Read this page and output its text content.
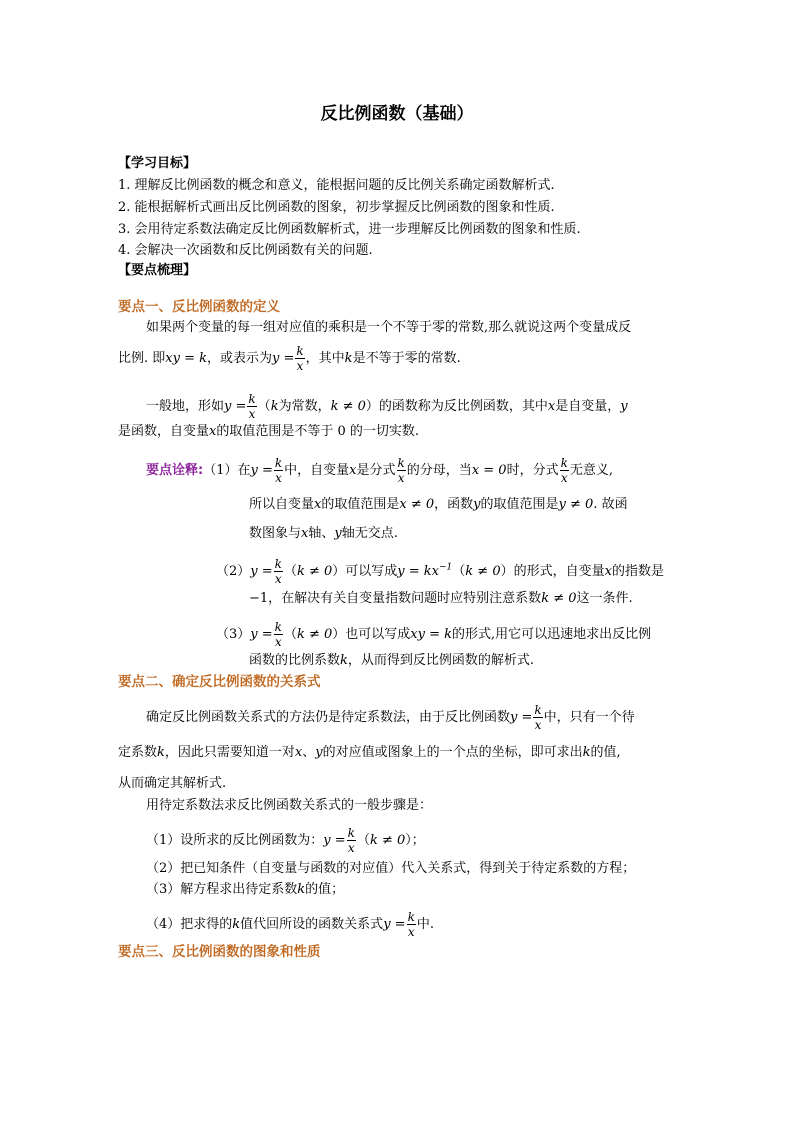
反比例函数（基础）
【学习目标】
1. 理解反比例函数的概念和意义，能根据问题的反比例关系确定函数解析式.
2. 能根据解析式画出反比例函数的图象，初步掌握反比例函数的图象和性质.
3. 会用待定系数法确定反比例函数解析式，进一步理解反比例函数的图象和性质.
4. 会解决一次函数和反比例函数有关的问题.
【要点梳理】
要点一、反比例函数的定义
如果两个变量的每一组对应值的乘积是一个不等于零的常数,那么就说这两个变量成反
比例. 即xy = k，或表示为$y = \frac{k}{x}$ ，其中k是不等于零的常数.
一般地，形如$y = \frac{k}{x} (k$为常数，k ≠ 0）的函数称为反比例函数，其中x是自变量，y
是函数，自变量x的取值范围是不等于 0 的一切实数.
要点诠释:（1）在$y = \frac{k}{x}$ 中，自变量x是分式 $\frac{k}{x}$ 的分母，当x = 0时，分式 $\frac{k}{x}$ 无意义,
所以自变量x的取值范围是x ≠ 0，函数y的取值范围是y ≠ 0. 故函
数图象与x轴、y轴无交点.
$(2)y = \frac{k}{x} (k \ne 0)$可以写成$y = kx^{-1}(k \ne 0)$的形式，自变量x的指数是
−1，在解决有关自变量指数问题时应特别注意系数k ≠ 0这一条件.
$(3)y = \frac{k}{x} (k \ne 0)$也可以写成xy = k的形式,用它可以迅速地求出反比例
函数的比例系数k，从而得到反比例函数的解析式.
要点二、确定反比例函数的关系式
确定反比例函数关系式的方法仍是待定系数法，由于反比例函数$y = \frac{k}{x}$ 中，只有一个待
定系数k，因此只需要知道一对x、y的对应值或图象上的一个点的坐标，即可求出k的值,
从而确定其解析式.
用待定系数法求反比例函数关系式的一般步骤是：
（1）设所求的反比例函数为：$y = \frac{k}{x} (k \ne 0)$；
（2）把已知条件（自变量与函数的对应值）代入关系式，得到关于待定系数的方程；
（3）解方程求出待定系数k的值；
（4）把求得的k值代回所设的函数关系式$y = \frac{k}{x}$ 中.
要点三、反比例函数的图象和性质
